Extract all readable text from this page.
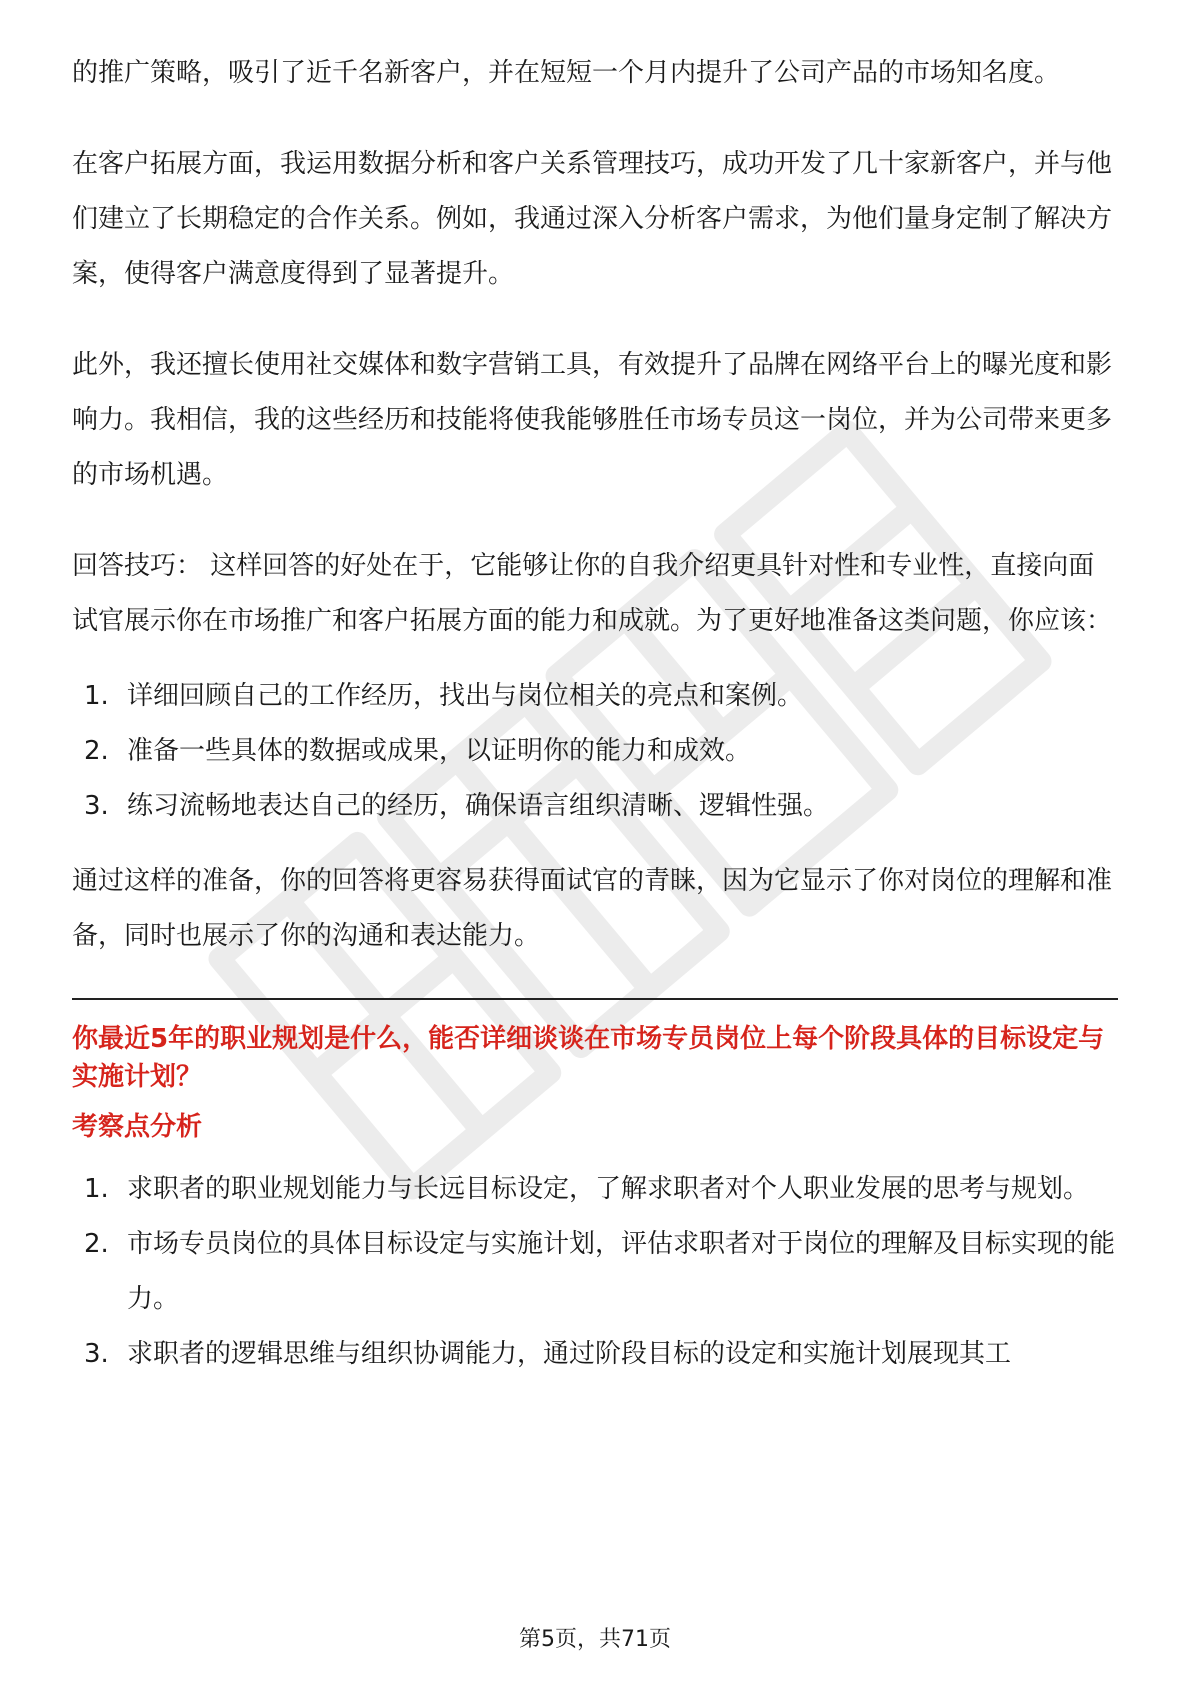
的推广策略，吸引了近千名新客户，并在短短一个月内提升了公司产品的市场知名度。

在客户拓展方面，我运用数据分析和客户关系管理技巧，成功开发了几十家新客户，并与他们建立了长期稳定的合作关系。例如，我通过深入分析客户需求，为他们量身定制了解决方案，使得客户满意度得到了显著提升。

此外，我还擅长使用社交媒体和数字营销工具，有效提升了品牌在网络平台上的曝光度和影响力。我相信，我的这些经历和技能将使我能够胜任市场专员这一岗位，并为公司带来更多的市场机遇。

回答技巧： 这样回答的好处在于，它能够让你的自我介绍更具针对性和专业性，直接向面试官展示你在市场推广和客户拓展方面的能力和成就。为了更好地准备这类问题，你应该：

1. 详细回顾自己的工作经历，找出与岗位相关的亮点和案例。
2. 准备一些具体的数据或成果，以证明你的能力和成效。
3. 练习流畅地表达自己的经历，确保语言组织清晰、逻辑性强。

通过这样的准备，你的回答将更容易获得面试官的青睐，因为它显示了你对岗位的理解和准备，同时也展示了你的沟通和表达能力。

你最近5年的职业规划是什么，能否详细谈谈在市场专员岗位上每个阶段具体的目标设定与实施计划？

考察点分析

1. 求职者的职业规划能力与长远目标设定，了解求职者对个人职业发展的思考与规划。
2. 市场专员岗位的具体目标设定与实施计划，评估求职者对于岗位的理解及目标实现的能力。
3. 求职者的逻辑思维与组织协调能力，通过阶段目标的设定和实施计划展现其工
第5页，共71页
